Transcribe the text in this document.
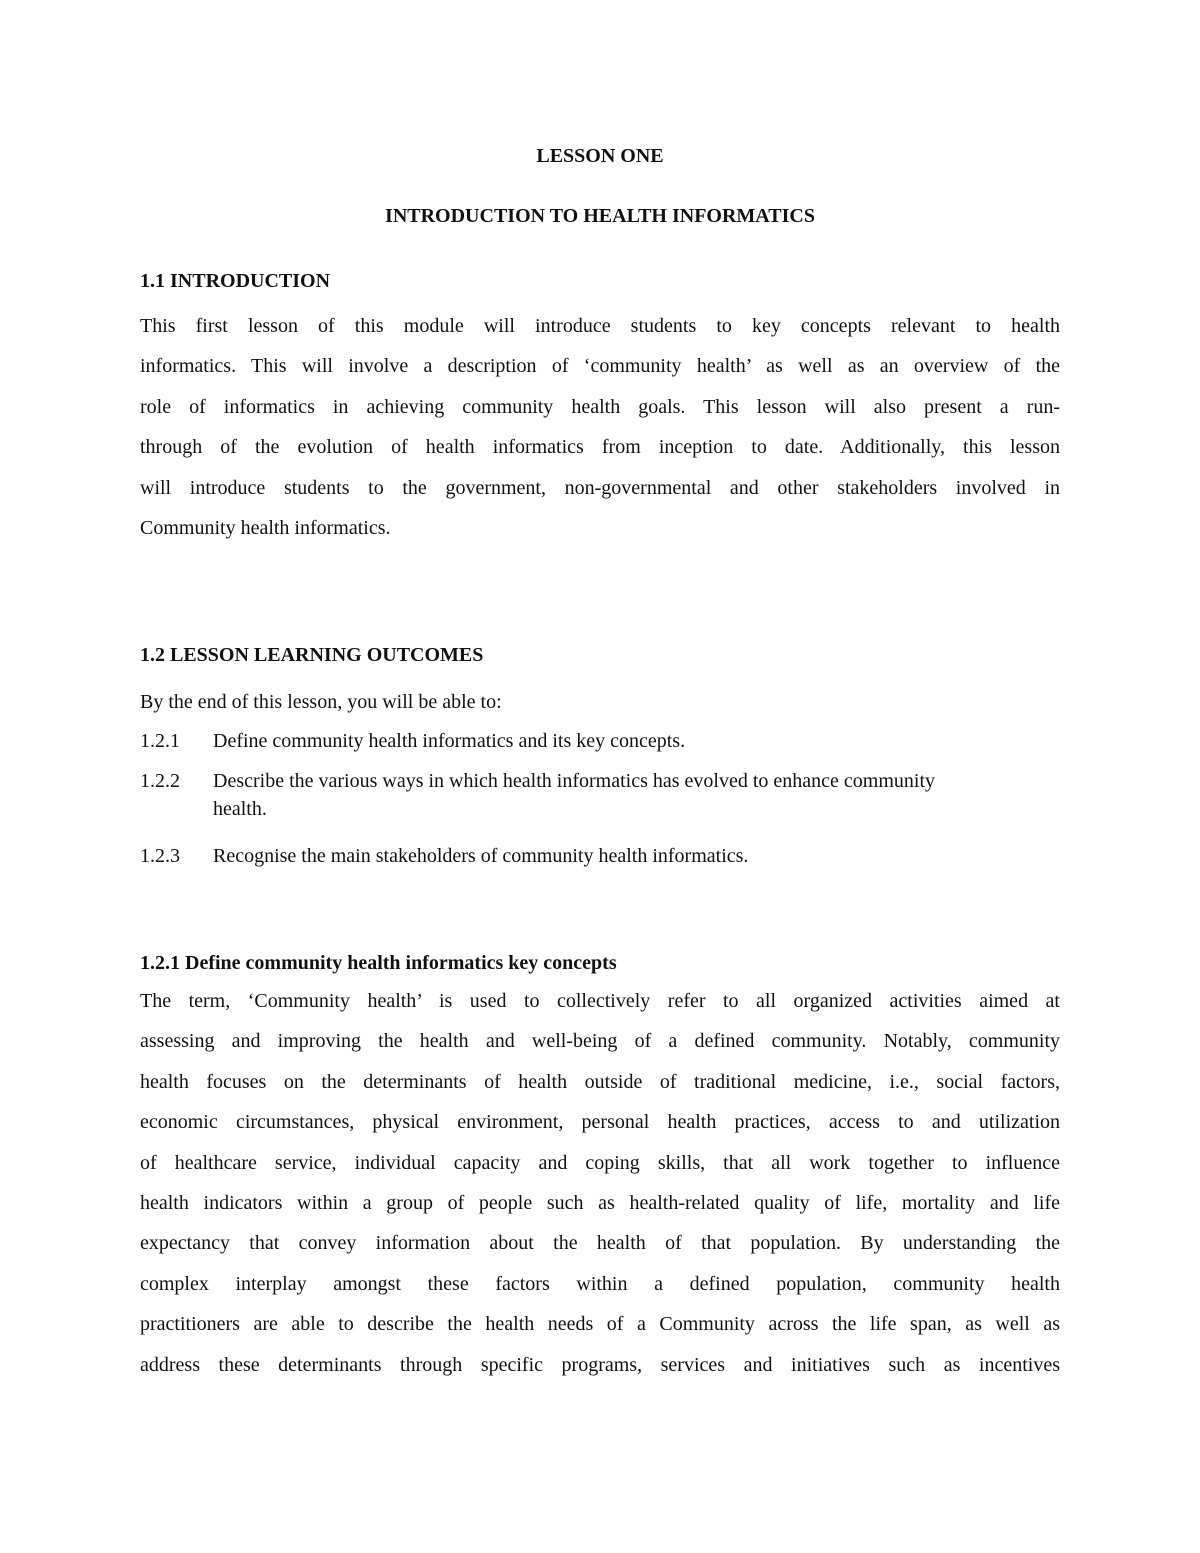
LESSON ONE
INTRODUCTION TO HEALTH INFORMATICS
1.1 INTRODUCTION
This first lesson of this module will introduce students to key concepts relevant to health
informatics. This will involve a description of ‘community health’ as well as an overview of the
role of informatics in achieving community health goals. This lesson will also present a run-
through of the evolution of health informatics from inception to date. Additionally, this lesson
will introduce students to the government, non-governmental and other stakeholders involved in
Community health informatics.
1.2 LESSON LEARNING OUTCOMES
By the end of this lesson, you will be able to:
1.2.1 Define community health informatics and its key concepts.
1.2.2 Describe the various ways in which health informatics has evolved to enhance community health.
1.2.3 Recognise the main stakeholders of community health informatics.
1.2.1 Define community health informatics key concepts
The term, ‘Community health’ is used to collectively refer to all organized activities aimed at
assessing and improving the health and well-being of a defined community. Notably, community
health focuses on the determinants of health outside of traditional medicine, i.e., social factors,
economic circumstances, physical environment, personal health practices, access to and utilization
of healthcare service, individual capacity and coping skills, that all work together to influence
health indicators within a group of people such as health-related quality of life, mortality and life
expectancy that convey information about the health of that population. By understanding the
complex interplay amongst these factors within a defined population, community health
practitioners are able to describe the health needs of a Community across the life span, as well as
address these determinants through specific programs, services and initiatives such as incentives
